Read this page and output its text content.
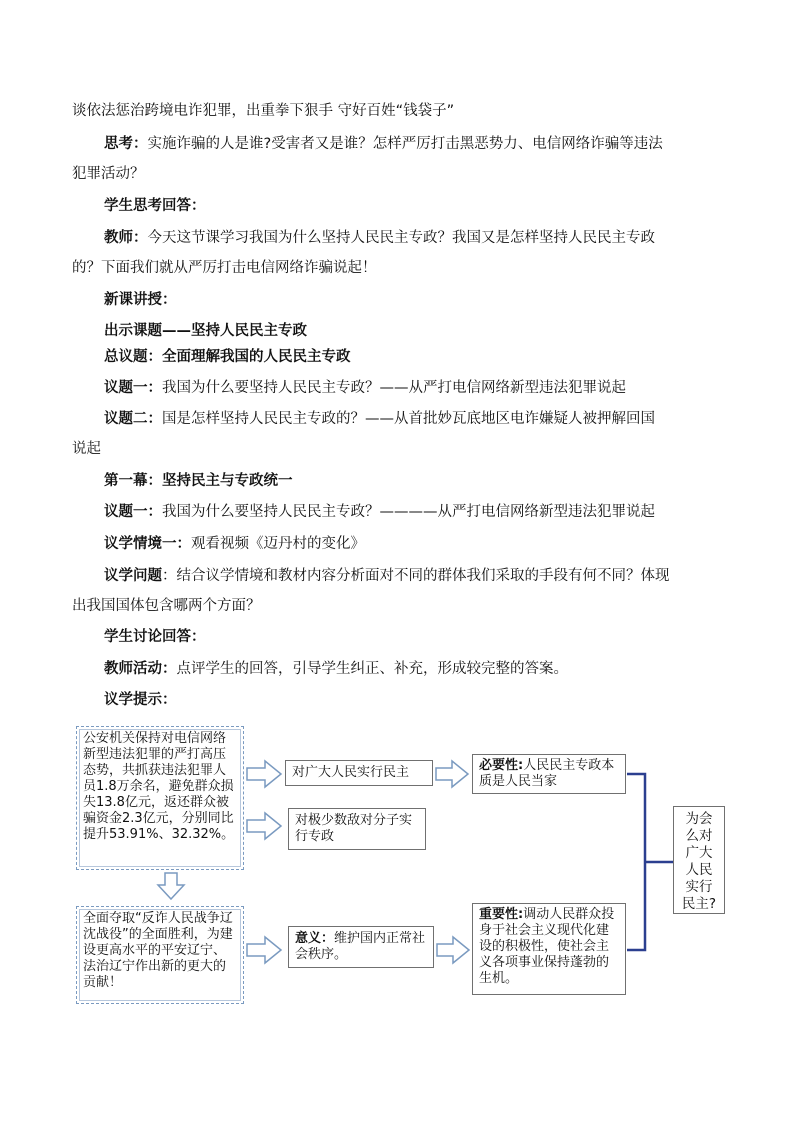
谈依法惩治跨境电诈犯罪，出重拳下狠手 守好百姓“钱袋子”
思考：实施诈骗的人是谁?受害者又是谁？怎样严厉打击黑恶势力、电信网络诈骗等违法
犯罪活动？
学生思考回答：
教师：今天这节课学习我国为什么坚持人民民主专政？我国又是怎样坚持人民民主专政
的？下面我们就从严厉打击电信网络诈骗说起！
新课讲授：
出示课题——坚持人民民主专政
总议题：全面理解我国的人民民主专政
议题一：我国为什么要坚持人民民主专政？——从严打电信网络新型违法犯罪说起
议题二：国是怎样坚持人民民主专政的？——从首批妙瓦底地区电诈嫌疑人被押解回国
说起
第一幕：坚持民主与专政统一
议题一：我国为什么要坚持人民民主专政？————从严打电信网络新型违法犯罪说起
议学情境一：观看视频《迈丹村的变化》
议学问题：结合议学情境和教材内容分析面对不同的群体我们采取的手段有何不同？体现
出我国国体包含哪两个方面？
学生讨论回答：
教师活动：点评学生的回答，引导学生纠正、补充，形成较完整的答案。
议学提示：
公安机关保持对电信网络新型违法犯罪的严打高压态势，共抓获违法犯罪人员1.8万余名，避免群众损失13.8亿元，返还群众被骗资金2.3亿元，分别同比提升53.91%、32.32%。
全面夺取“反诈人民战争辽沈战役”的全面胜利，为建设更高水平的平安辽宁、法治辽宁作出新的更大的贡献！
对广大人民实行民主
对极少数敌对分子实行专政
意义：维护国内正常社会秩序。
必要性:人民民主专政本质是人民当家
重要性:调动人民群众投身于社会主义现代化建设的积极性，使社会主义各项事业保持蓬勃的生机。
为会么对广大人民实行民主?
